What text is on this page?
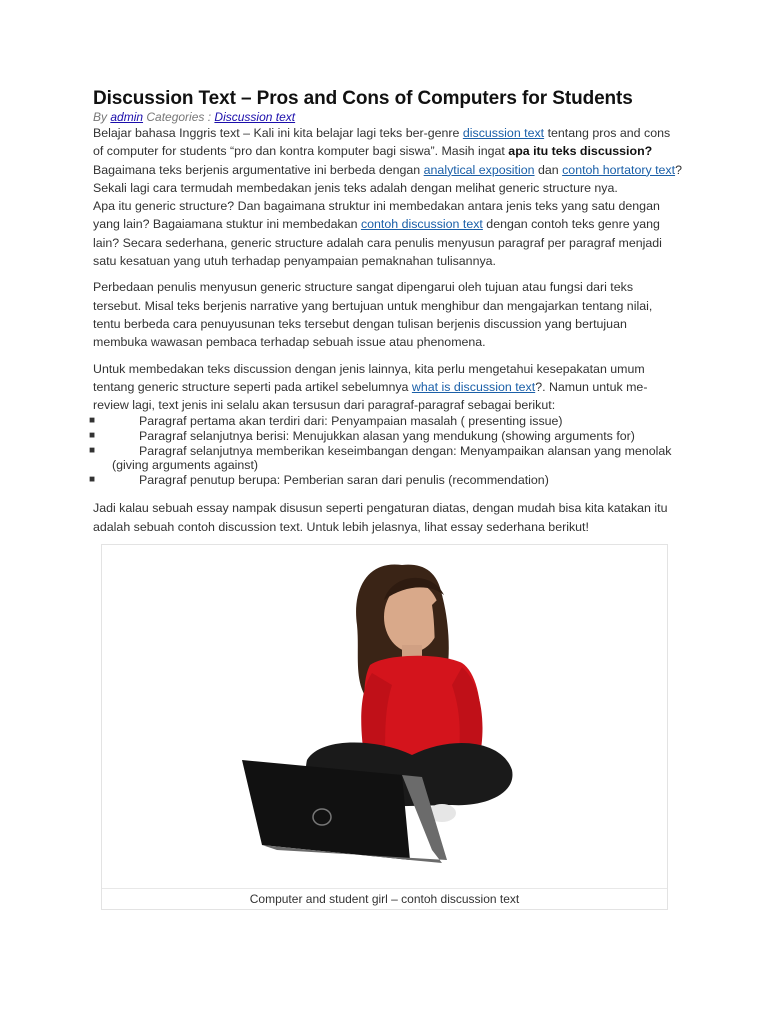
Discussion Text – Pros and Cons of Computers for Students
By admin Categories : Discussion text

Belajar bahasa Inggris text – Kali ini kita belajar lagi teks ber-genre discussion text tentang pros and cons of computer for students “pro dan kontra komputer bagi siswa”. Masih ingat apa itu teks discussion? Bagaimana teks berjenis argumentative ini berbeda dengan analytical exposition dan contoh hortatory text? Sekali lagi cara termudah membedakan jenis teks adalah dengan melihat generic structure nya.

Apa itu generic structure? Dan bagaimana struktur ini membedakan antara jenis teks yang satu dengan yang lain? Bagaiamana stuktur ini membedakan contoh discussion text dengan contoh teks genre yang lain? Secara sederhana, generic structure adalah cara penulis menyusun paragraf per paragraf menjadi satu kesatuan yang utuh terhadap penyampaian pemaknahan tulisannya.

Perbedaan penulis menyusun generic structure sangat dipengarui oleh tujuan atau fungsi dari teks tersebut. Misal teks berjenis narrative yang bertujuan untuk menghibur dan mengajarkan tentang nilai, tentu berbeda cara penuyusunan teks tersebut dengan tulisan berjenis discussion yang bertujuan membuka wawasan pembaca terhadap sebuah issue atau phenomena.

Untuk membedakan teks discussion dengan jenis lainnya, kita perlu mengetahui kesepakatan umum tentang generic structure seperti pada artikel sebelumnya what is discussion text?. Namun untuk me-review lagi, text jenis ini selalu akan tersusun dari paragraf-paragraf sebagai berikut:

■	Paragraf pertama akan terdiri dari: Penyampaian masalah ( presenting issue)
■	Paragraf selanjutnya berisi: Menujukkan alasan yang mendukung (showing arguments for)
■	Paragraf selanjutnya memberikan keseimbangan dengan: Menyampaikan alansan yang menolak (giving arguments against)
■	Paragraf penutup berupa: Pemberian saran dari penulis (recommendation)

Jadi kalau sebuah essay nampak disusun seperti pengaturan diatas, dengan mudah bisa kita katakan itu adalah sebuah contoh discussion text. Untuk lebih jelasnya, lihat essay sederhana berikut!

Computer and student girl – contoh discussion text
